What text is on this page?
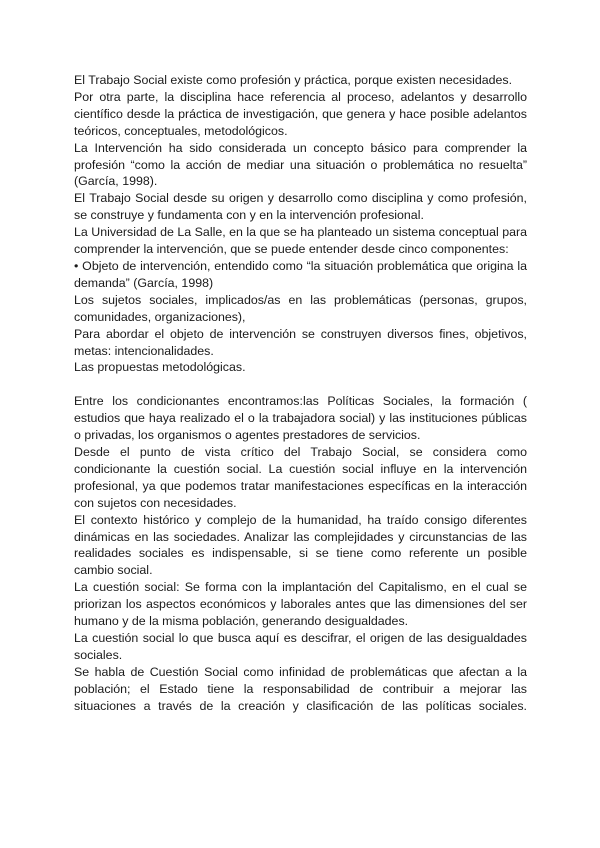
El Trabajo Social existe como profesión y práctica, porque existen necesidades.

Por otra parte, la disciplina hace referencia al proceso, adelantos y desarrollo científico desde la práctica de investigación, que genera y hace posible adelantos teóricos, conceptuales, metodológicos.

La Intervención ha sido considerada un concepto básico para comprender la profesión “como la acción de mediar una situación o problemática no resuelta” (García, 1998).

El Trabajo Social desde su origen y desarrollo como disciplina y como profesión, se construye y fundamenta con y en la intervención profesional.

La Universidad de La Salle, en la que se ha planteado un sistema conceptual para comprender la intervención, que se puede entender desde cinco componentes:

• Objeto de intervención, entendido como “la situación problemática que origina la demanda” (García, 1998)

Los sujetos sociales, implicados/as en las problemáticas (personas, grupos, comunidades, organizaciones),

Para abordar el objeto de intervención se construyen diversos fines, objetivos, metas: intencionalidades.

Las propuestas metodológicas.

Entre los condicionantes encontramos:las Políticas Sociales, la formación ( estudios que haya realizado el o la trabajadora social) y las instituciones públicas o privadas, los organismos o agentes prestadores de servicios.

Desde el punto de vista crítico del Trabajo Social, se considera como condicionante la cuestión social. La cuestión social influye en la intervención profesional, ya que podemos tratar manifestaciones específicas en la interacción con sujetos con necesidades.

El contexto histórico y complejo de la humanidad, ha traído consigo diferentes dinámicas en las sociedades. Analizar las complejidades y circunstancias de las realidades sociales es indispensable, si se tiene como referente un posible cambio social.

La cuestión social: Se forma con la implantación del Capitalismo, en el cual se priorizan los aspectos económicos y laborales antes que las dimensiones del ser humano y de la misma población, generando desigualdades.

La cuestión social lo que busca aquí es descifrar, el origen de las desigualdades sociales.

Se habla de Cuestión Social como infinidad de problemáticas que afectan a la población; el Estado tiene la responsabilidad de contribuir a mejorar las situaciones a través de la creación y clasificación de las políticas sociales.
